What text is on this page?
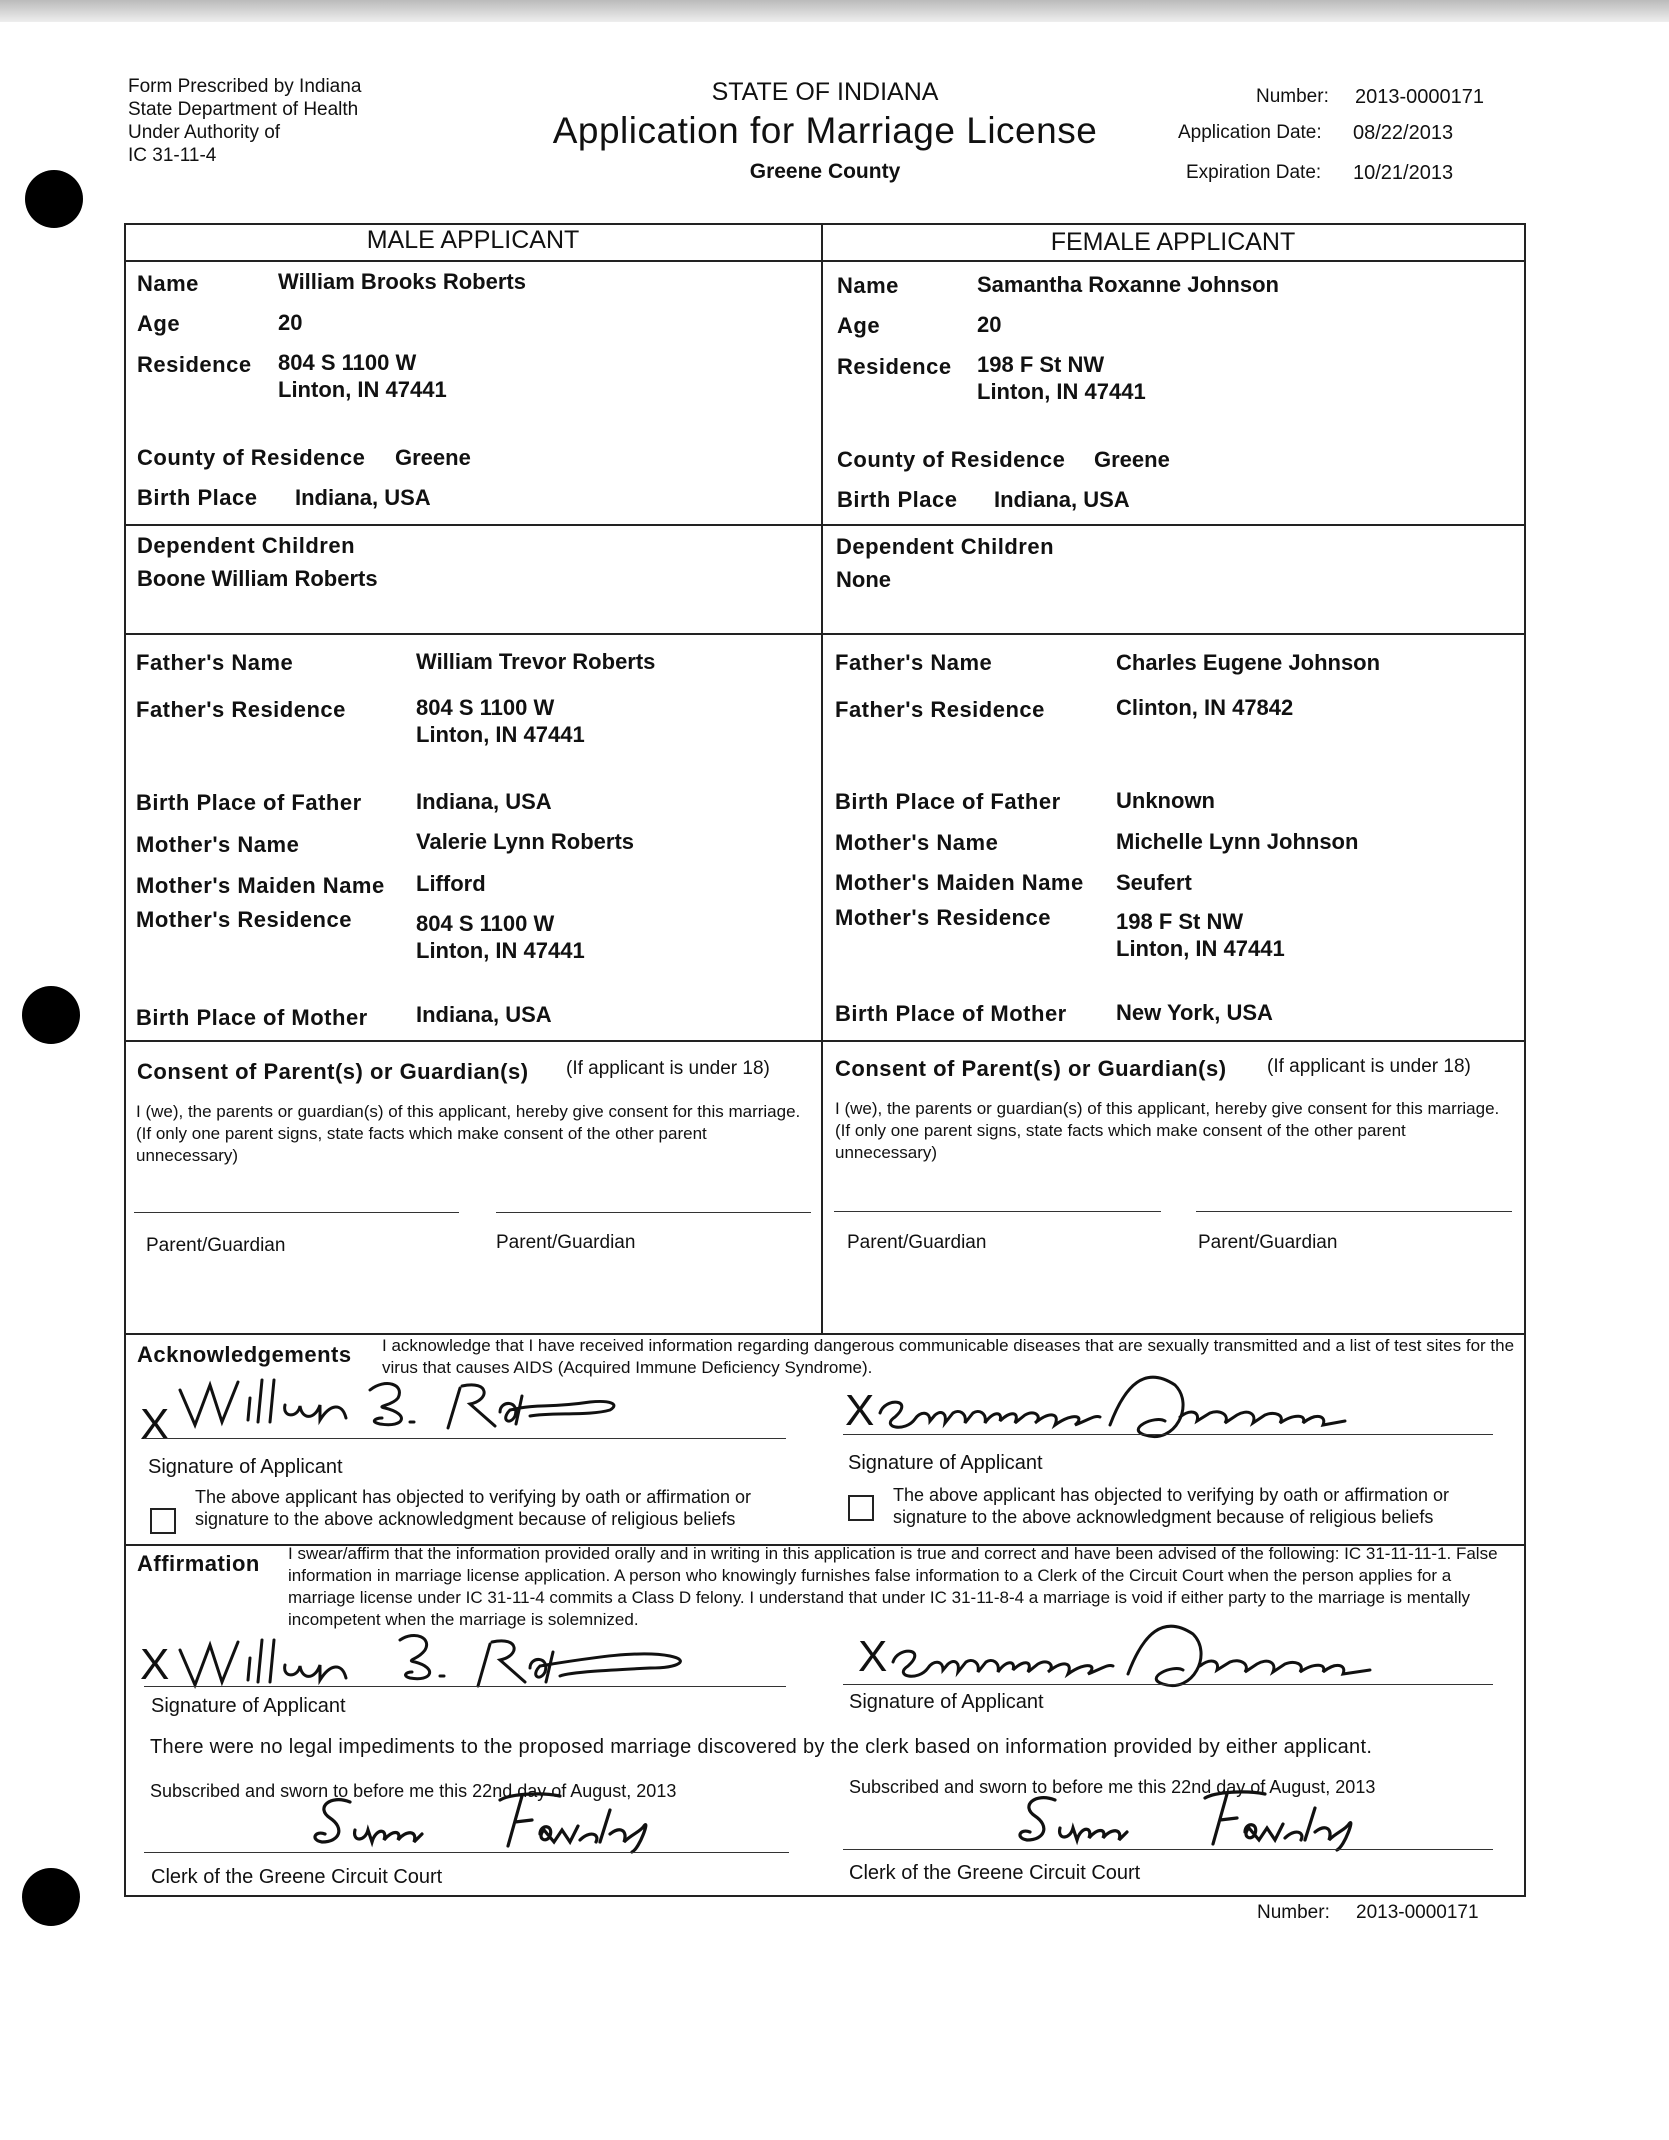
Form Prescribed by Indiana
State Department of Health
Under Authority of
IC 31-11-4
STATE OF INDIANA
Application for Marriage License
Greene County
Number: 2013-0000171
Application Date: 08/22/2013
Expiration Date: 10/21/2013
MALE APPLICANT	FEMALE APPLICANT
Name	William Brooks Roberts
Age	20
Residence 804 S 1100 W
Linton, IN 47441
County of Residence Greene
Birth Place Indiana, USA
Dependent Children
Boone William Roberts
Father's Name	William Trevor Roberts
Father's Residence	804 S 1100 W
Linton, IN 47441
Birth Place of Father Indiana, USA
Mother's Name	Valerie Lynn Roberts
Mother's Maiden Name Lifford
Mother's Residence	804 S 1100 W
Linton, IN 47441
Birth Place of Mother Indiana, USA
Name	Samantha Roxanne Johnson
Age	20
Residence 198 F St NW
Linton, IN 47441
County of Residence Greene
Birth Place Indiana, USA
Dependent Children
None
Father's Name	Charles Eugene Johnson
Father's Residence	Clinton, IN 47842
Birth Place of Father	Unknown
Mother's Name	Michelle Lynn Johnson
Mother's Maiden Name Seufert
Mother's Residence	198 F St NW
Linton, IN 47441
Birth Place of Mother New York, USA
Consent of Parent(s) or Guardian(s) (If applicant is under 18)
I (we), the parents or guardian(s) of this applicant, hereby give consent for this marriage. (If only one parent signs, state facts which make consent of the other parent unnecessary)
Parent/Guardian	Parent/Guardian
Consent of Parent(s) or Guardian(s) (If applicant is under 18)
I (we), the parents or guardian(s) of this applicant, hereby give consent for this marriage. (If only one parent signs, state facts which make consent of the other parent unnecessary)
Parent/Guardian	Parent/Guardian
Acknowledgements I acknowledge that I have received information regarding dangerous communicable diseases that are sexually transmitted and a list of test sites for the virus that causes AIDS (Acquired Immune Deficiency Syndrome).
X
Signature of Applicant
The above applicant has objected to verifying by oath or affirmation or signature to the above acknowledgment because of religious beliefs
X
Signature of Applicant
The above applicant has objected to verifying by oath or affirmation or signature to the above acknowledgment because of religious beliefs
Affirmation I swear/affirm that the information provided orally and in writing in this application is true and correct and have been advised of the following: IC 31-11-11-1. False information in marriage license application. A person who knowingly furnishes false information to a Clerk of the Circuit Court when the person applies for a marriage license under IC 31-11-4 commits a Class D felony. I understand that under IC 31-11-8-4 a marriage is void if either party to the marriage is mentally incompetent when the marriage is solemnized.
X
Signature of Applicant
X
Signature of Applicant
There were no legal impediments to the proposed marriage discovered by the clerk based on information provided by either applicant.
Subscribed and sworn to before me this 22nd day of August, 2013
Clerk of the Greene Circuit Court
Subscribed and sworn to before me this 22nd day of August, 2013
Clerk of the Greene Circuit Court
Number: 2013-0000171
